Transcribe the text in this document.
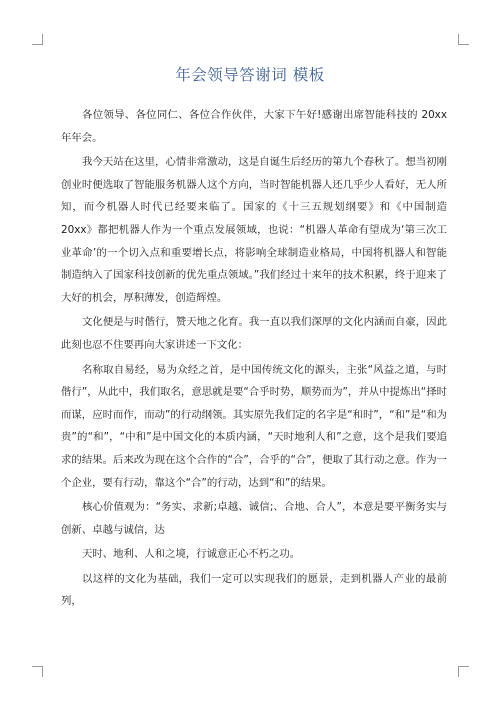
年会领导答谢词 模板

各位领导、各位同仁、各位合作伙伴，大家下午好!感谢出席智能科技的 20xx 年年会。

我今天站在这里，心情非常激动，这是自诞生后经历的第九个春秋了。想当初刚创业时便选取了智能服务机器人这个方向，当时智能机器人还几乎少人看好，无人所知，而今机器人时代已经要来临了。国家的《十三五规划纲要》和《中国制造 20xx》都把机器人作为一个重点发展领域，也说：“机器人革命有望成为‘第三次工业革命’的一个切入点和重要增长点，将影响全球制造业格局，中国将机器人和智能制造纳入了国家科技创新的优先重点领域。”我们经过十来年的技术积累，终于迎来了大好的机会，厚积薄发，创造辉煌。

文化便是与时偕行，赞天地之化育。我一直以我们深厚的文化内涵而自豪，因此此刻也忍不住要再向大家讲述一下文化：

名称取自易经，易为众经之首，是中国传统文化的源头，主张“风益之道，与时偕行”，从此中，我们取名，意思就是要“合乎时势，顺势而为”，并从中提炼出“择时而谋，应时而作，而动”的行动纲领。其实原先我们定的名字是“和时”，“和”是“和为贵”的“和”，“中和”是中国文化的本质内涵，“天时地利人和”之意，这个是我们要追求的结果。后来改为现在这个合作的“合”，合乎的“合”，便取了其行动之意。作为一个企业，要有行动，靠这个“合”的行动，达到“和”的结果。

核心价值观为：“务实、求新;卓越、诚信;、合地、合人”，本意是要平衡务实与创新、卓越与诚信，达

天时、地利、人和之境，行诚意正心不朽之功。

以这样的文化为基础，我们一定可以实现我们的愿景，走到机器人产业的最前列，
